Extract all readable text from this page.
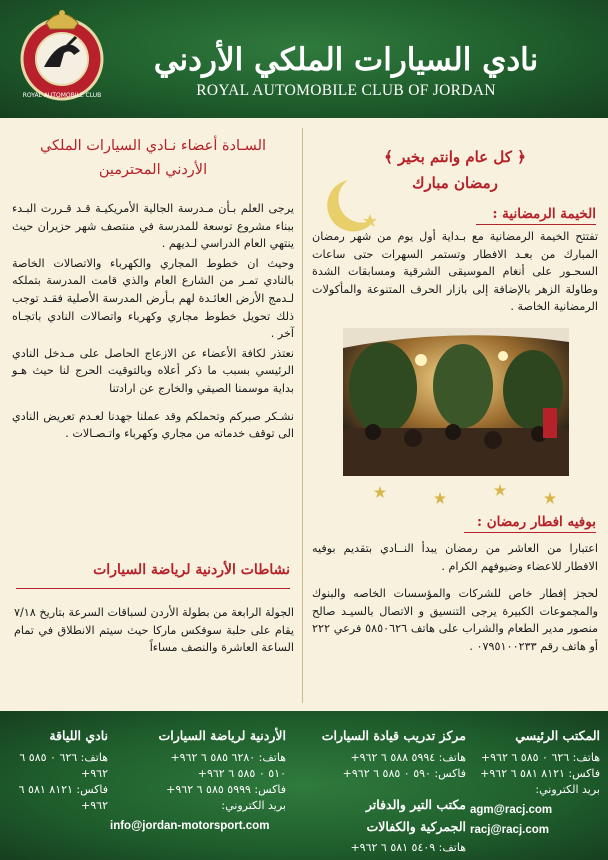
ROYAL AUTOMOBILE CLUB
نادي السيارات الملكي الأردني
ROYAL AUTOMOBILE CLUB OF JORDAN
السـادة أعضاء نـادي السيارات الملكي
الأردني المحترمين

يرجى العلم بـأن مـدرسة الجالية الأمريكيـة قـد قـررت البـدء ببناء مشروع توسعة للمدرسة في منتصف شهر حزيران حيث ينتهي العام الدراسي لـديهم .

وحيث ان خطوط المجاري والكهرباء والاتصالات الخاصة بالنادي تمـر من الشارع العام والذي قامت المدرسة بتملكه لـدمج الأرض العائـدة لهم بـأرض المدرسة الأصلية فقـد توجب ذلك تحويل خطوط مجاري وكهرباء واتصالات النادي باتجـاه آخر .

نعتذر لكافة الأعضاء عن الازعاج الحاصل على مـدخل النادي الرئيسي بسبب ما ذكر أعلاه وبالتوقيت الحرج لنا حيث هـو بداية موسمنا الصيفي والخارج عن ارادتنا

نشـكر صبركم وتحملكم وقد عملنا جهدنا لعـدم تعريض النادي الى توقف خدماته من مجاري وكهرباء واتـصـالات .

نشاطات الأردنية لرياضة السيارات
الجولة الرابعة من بطولة الأردن لسباقات السرعة بتاريخ ٧/١٨ يقام على حلبة سوفكس ماركا حيث سيتم الانطلاق في تمام الساعة العاشرة والنصف مساءاً
﴿ كل عام وانتم بخير ﴾
رمضان مبارك
الخيمة الرمضانية :
تفتتح الخيمة الرمضانية مع بـداية أول يوم من شهر رمضان المبارك من بعـد الافطار وتستمر السهرات حتى ساعات السحـور على أنغام الموسيقى الشرقية ومسابقات الشدة وطاولة الزهر بالإضافة إلى بازار الحرف المتنوعة والمأكولات الرمضانية الخاصة .
بوفيه افطار رمضان :
اعتبارا من العاشر من رمضان يبدأ النــادي بتقديم بوفيه الافطار للاعضاء وضيوفهم الكرام .
لحجز إفطار خاص للشركات والمؤسسات الخاصه والبنوك والمجموعات الكبيرة يرجى التنسيق و الاتصال بالسيـد صالح منصور مدير الطعام والشراب على هاتف ٥٨٥٠٦٢٦ فرعي ٢٢٢ أو هاتف رقم ٠٧٩٥١٠٠٢٣٣ .
المكتب الرئيسي
هاتف: ٦٢٦ ٠ ٥٨٥ ٦ ٩٦٢+
فاكس: ٨١٢١ ٥٨١ ٦ ٩٦٢+
بريد الكتروني:
agm@racj.com
racj@racj.com
مركز تدريب قيادة السيارات
هاتف: ٥٩٩٤ ٥٨٨ ٦ ٩٦٢+
فاكس: ٥٩٠ ٠ ٥٨٥ ٦ ٩٦٢+
مكتب التير والدفاتر الجمركية والكفالات
هاتف: ٥٤٠٩ ٥٨١ ٦ ٩٦٢+
الأردنية لرياضة السيارات
هاتف: ٦٢٨٠ ٥٨٥ ٦ ٩٦٢+
٥١٠ ٠ ٥٨٥ ٦ ٩٦٢+
فاكس: ٥٩٩٩ ٥٨٥ ٦ ٩٦٢+
بريد الكتروني:
info@jordan-motorsport.com
نادي اللياقة
هاتف: ٦٢٦ ٠ ٥٨٥ ٦ ٩٦٢+
فاكس: ٨١٢١ ٥٨١ ٦ ٩٦٢+
